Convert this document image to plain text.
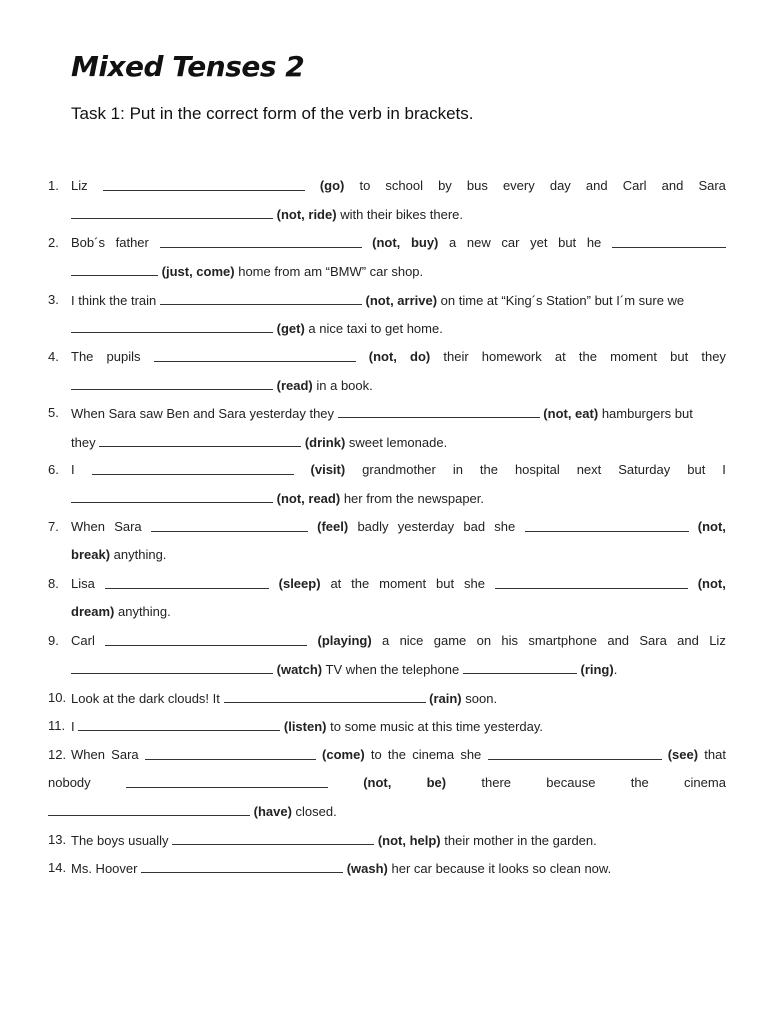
Mixed Tenses 2
Task 1: Put in the correct form of the verb in brackets.
1. Liz	(go) to school by bus every day and Carl and Sara
(not, ride) with their bikes there.
2. Bob´s father	(not, buy) a new car yet but he
(just, come) home from am “BMW” car shop.
3. I think the train	(not, arrive) on time at “King´s Station” but I´m sure we
(get) a nice taxi to get home.
4. The pupils	(not, do) their homework at the moment but they
(read) in a book.
5. When Sara saw Ben and Sara yesterday they	(not, eat) hamburgers but
they	(drink) sweet lemonade.
6. I	(visit) grandmother in the hospital next Saturday but I
(not, read) her from the newspaper.
7. When Sara	(feel) badly yesterday bad she	(not,
break) anything.
8. Lisa	(sleep) at the moment but she	(not,
dream) anything.
9. Carl	(playing) a nice game on his smartphone and Sara and Liz
(watch) TV when the telephone	(ring).
10. Look at the dark clouds! It	(rain) soon.
11. I	(listen) to some music at this time yesterday.
12. When Sara	(come) to the cinema she	(see) that
nobody	(not,	be)	there	because	the	cinema
(have) closed.
13. The boys usually	(not, help) their mother in the garden.
14. Ms. Hoover	(wash) her car because it looks so clean now.
